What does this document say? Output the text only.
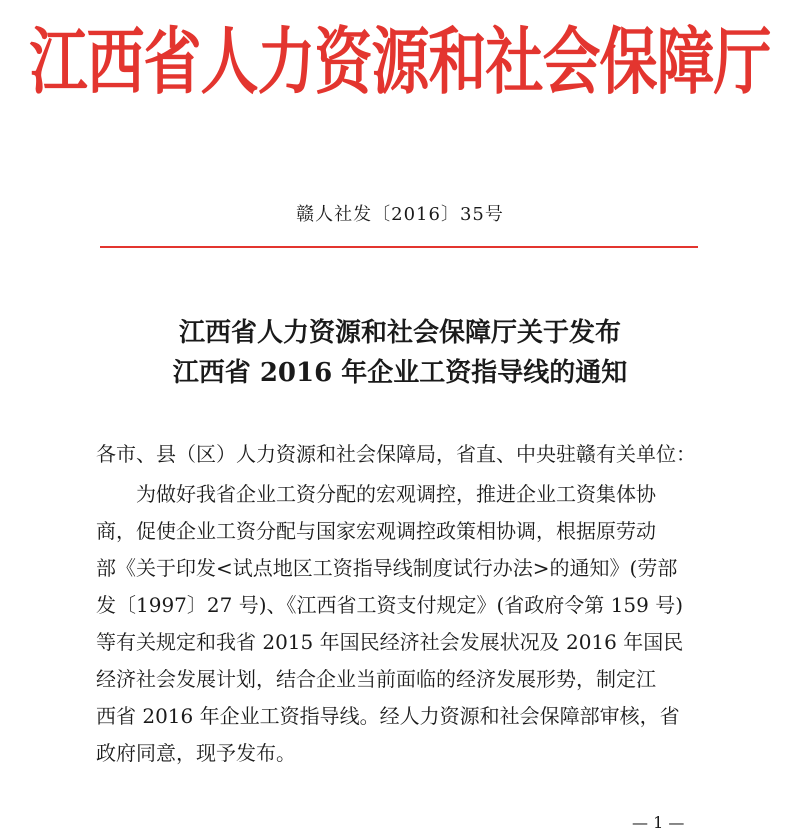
江西省人力资源和社会保障厅
赣人社发〔2016〕35号
江西省人力资源和社会保障厅关于发布
江西省 2016 年企业工资指导线的通知
各市、县（区）人力资源和社会保障局，省直、中央驻赣有关单位：
为做好我省企业工资分配的宏观调控，推进企业工资集体协
商，促使企业工资分配与国家宏观调控政策相协调，根据原劳动
部《关于印发<试点地区工资指导线制度试行办法>的通知》(劳部
发〔1997〕27 号)、《江西省工资支付规定》(省政府令第 159 号)
等有关规定和我省 2015 年国民经济社会发展状况及 2016 年国民
经济社会发展计划，结合企业当前面临的经济发展形势，制定江
西省 2016 年企业工资指导线。经人力资源和社会保障部审核，省
政府同意，现予发布。
— 1 —
